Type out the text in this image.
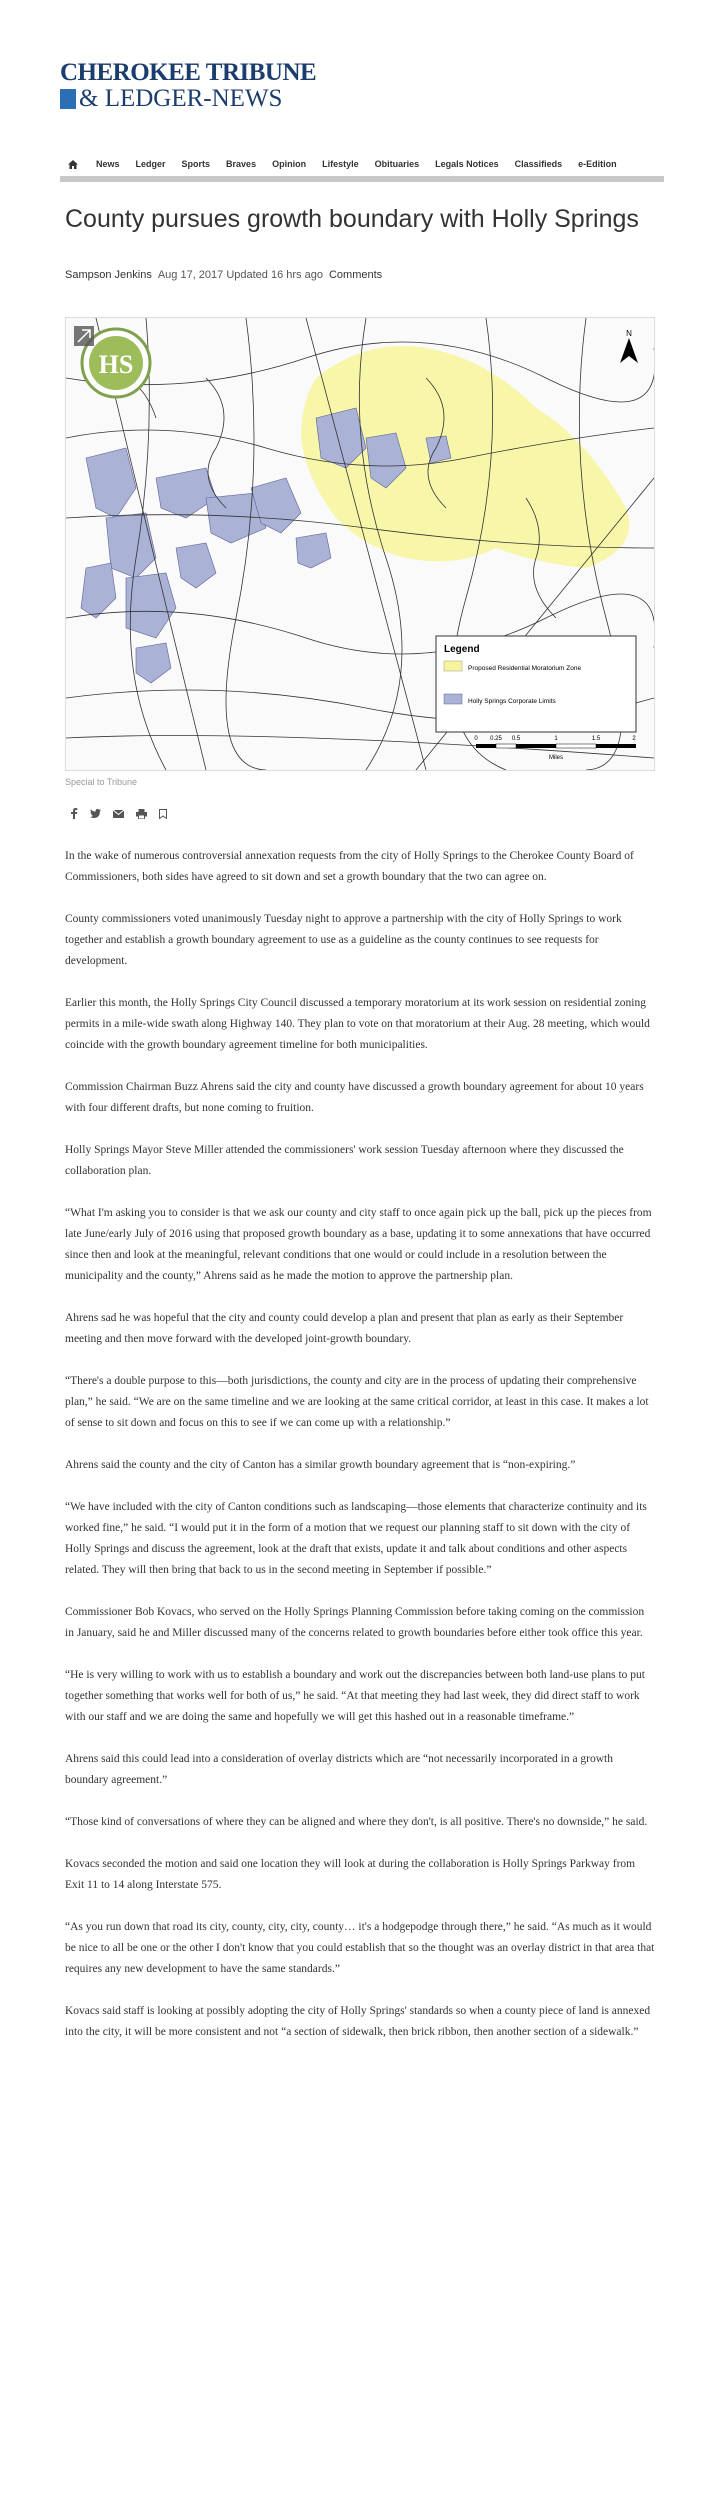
CHEROKEE TRIBUNE
& LEDGER-NEWS
News	Ledger	Sports	Braves	Opinion	Lifestyle	Obituaries	Legals Notices	Classifieds	e-Edition
County pursues growth boundary with Holly Springs
Sampson Jenkins Aug 17, 2017 Updated 16 hrs ago Comments
HS
N
Legend
Proposed Residential Moratorium Zone
Holly Springs Corporate Limits
0 0.25 0.5	1	1.5	2
Miles
Special to Tribune

In the wake of numerous controversial annexation requests from the city of Holly Springs to the Cherokee County Board of Commissioners, both sides have agreed to sit down and set a growth boundary that the two can agree on.

County commissioners voted unanimously Tuesday night to approve a partnership with the city of Holly Springs to work together and establish a growth boundary agreement to use as a guideline as the county continues to see requests for development.

Earlier this month, the Holly Springs City Council discussed a temporary moratorium at its work session on residential zoning permits in a mile-wide swath along Highway 140. They plan to vote on that moratorium at their Aug. 28 meeting, which would coincide with the growth boundary agreement timeline for both municipalities.

Commission Chairman Buzz Ahrens said the city and county have discussed a growth boundary agreement for about 10 years with four different drafts, but none coming to fruition.

Holly Springs Mayor Steve Miller attended the commissioners' work session Tuesday afternoon where they discussed the collaboration plan.

“What I'm asking you to consider is that we ask our county and city staff to once again pick up the ball, pick up the pieces from late June/early July of 2016 using that proposed growth boundary as a base, updating it to some annexations that have occurred since then and look at the meaningful, relevant conditions that one would or could include in a resolution between the municipality and the county,” Ahrens said as he made the motion to approve the partnership plan.

Ahrens sad he was hopeful that the city and county could develop a plan and present that plan as early as their September meeting and then move forward with the developed joint-growth boundary.

“There's a double purpose to this—both jurisdictions, the county and city are in the process of updating their comprehensive plan,” he said. “We are on the same timeline and we are looking at the same critical corridor, at least in this case. It makes a lot of sense to sit down and focus on this to see if we can come up with a relationship.”

Ahrens said the county and the city of Canton has a similar growth boundary agreement that is “non-expiring.”

“We have included with the city of Canton conditions such as landscaping—those elements that characterize continuity and its worked fine,” he said. “I would put it in the form of a motion that we request our planning staff to sit down with the city of Holly Springs and discuss the agreement, look at the draft that exists, update it and talk about conditions and other aspects related. They will then bring that back to us in the second meeting in September if possible.”

Commissioner Bob Kovacs, who served on the Holly Springs Planning Commission before taking coming on the commission in January, said he and Miller discussed many of the concerns related to growth boundaries before either took office this year.

“He is very willing to work with us to establish a boundary and work out the discrepancies between both land-use plans to put together something that works well for both of us,” he said. “At that meeting they had last week, they did direct staff to work with our staff and we are doing the same and hopefully we will get this hashed out in a reasonable timeframe.”

Ahrens said this could lead into a consideration of overlay districts which are “not necessarily incorporated in a growth boundary agreement.”

“Those kind of conversations of where they can be aligned and where they don't, is all positive. There's no downside,” he said.

Kovacs seconded the motion and said one location they will look at during the collaboration is Holly Springs Parkway from Exit 11 to 14 along Interstate 575.

“As you run down that road its city, county, city, city, county… it's a hodgepodge through there,” he said. “As much as it would be nice to all be one or the other I don't know that you could establish that so the thought was an overlay district in that area that requires any new development to have the same standards.”

Kovacs said staff is looking at possibly adopting the city of Holly Springs' standards so when a county piece of land is annexed into the city, it will be more consistent and not “a section of sidewalk, then brick ribbon, then another section of a sidewalk.”
